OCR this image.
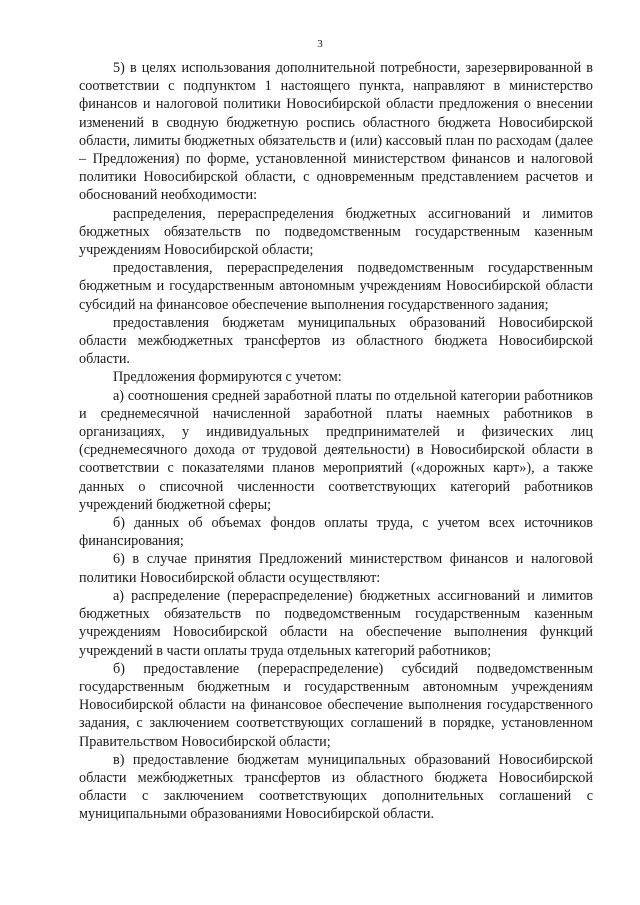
3

5) в целях использования дополнительной потребности, зарезервированной в соответствии с подпунктом 1 настоящего пункта, направляют в министерство финансов и налоговой политики Новосибирской области предложения о внесении изменений в сводную бюджетную роспись областного бюджета Новосибирской области, лимиты бюджетных обязательств и (или) кассовый план по расходам (далее – Предложения) по форме, установленной министерством финансов и налоговой политики Новосибирской области, с одновременным представлением расчетов и обоснований необходимости:

распределения, перераспределения бюджетных ассигнований и лимитов бюджетных обязательств по подведомственным государственным казенным учреждениям Новосибирской области;

предоставления, перераспределения подведомственным государственным бюджетным и государственным автономным учреждениям Новосибирской области субсидий на финансовое обеспечение выполнения государственного задания;

предоставления бюджетам муниципальных образований Новосибирской области межбюджетных трансфертов из областного бюджета Новосибирской области.

Предложения формируются с учетом:

а) соотношения средней заработной платы по отдельной категории работников и среднемесячной начисленной заработной платы наемных работников в организациях, у индивидуальных предпринимателей и физических лиц (среднемесячного дохода от трудовой деятельности) в Новосибирской области в соответствии с показателями планов мероприятий («дорожных карт»), а также данных о списочной численности соответствующих категорий работников учреждений бюджетной сферы;

б) данных об объемах фондов оплаты труда, с учетом всех источников финансирования;

6) в случае принятия Предложений министерством финансов и налоговой политики Новосибирской области осуществляют:

а) распределение (перераспределение) бюджетных ассигнований и лимитов бюджетных обязательств по подведомственным государственным казенным учреждениям Новосибирской области на обеспечение выполнения функций учреждений в части оплаты труда отдельных категорий работников;

б) предоставление (перераспределение) субсидий подведомственным государственным бюджетным и государственным автономным учреждениям Новосибирской области на финансовое обеспечение выполнения государственного задания, с заключением соответствующих соглашений в порядке, установленном Правительством Новосибирской области;

в) предоставление бюджетам муниципальных образований Новосибирской области межбюджетных трансфертов из областного бюджета Новосибирской области с заключением соответствующих дополнительных соглашений с муниципальными образованиями Новосибирской области.
